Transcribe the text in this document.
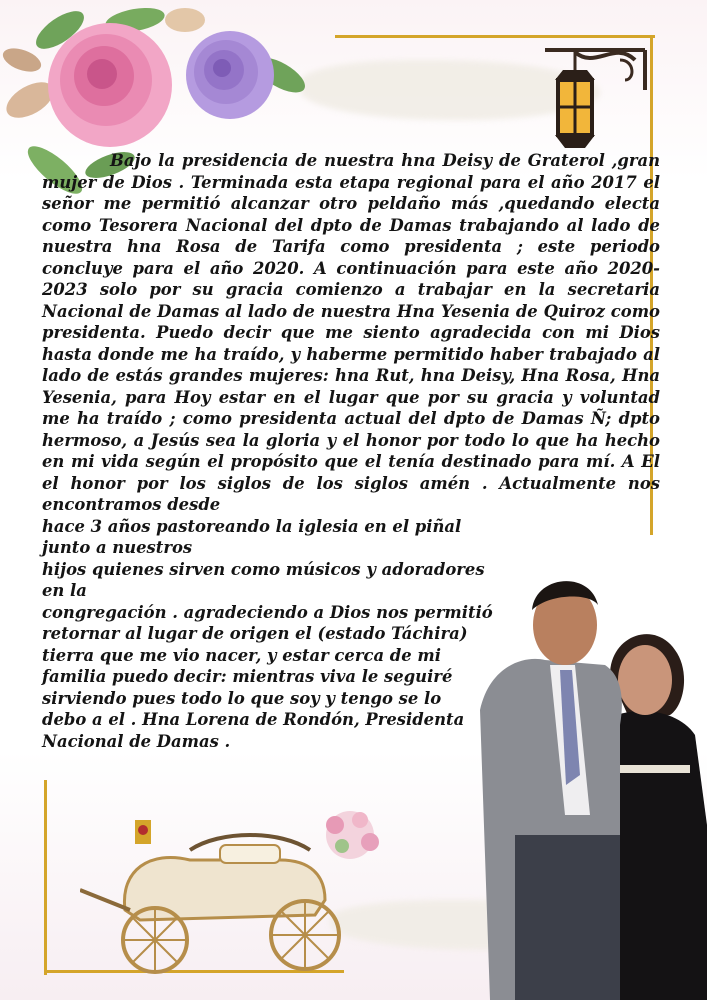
Bajo la presidencia de nuestra hna Deisy de Graterol ,gran mujer de Dios . Terminada esta etapa regional para el año 2017 el señor me permitió alcanzar otro peldaño más ,quedando electa como Tesorera Nacional del dpto de Damas trabajando al lado de nuestra hna Rosa de Tarifa como presidenta ; este periodo concluye para el año 2020. A continuación para este año 2020-2023 solo por su gracia comienzo a trabajar en la secretaria Nacional de Damas al lado de nuestra Hna Yesenia de Quiroz como presidenta. Puedo decir que me siento agradecida con mi Dios hasta donde me ha traído, y haberme permitido haber trabajado al lado de estás grandes mujeres: hna Rut, hna Deisy, Hna Rosa, Hna Yesenia, para Hoy estar en el lugar que por su gracia y voluntad me ha traído ; como presidenta actual del dpto de Damas Ñ; dpto hermoso, a Jesús sea la gloria y el honor por todo lo que ha hecho en mi vida según el propósito que el tenía destinado para mí. A El el honor por los siglos de los siglos amén . Actualmente nos encontramos desde

hace 3 años pastoreando la iglesia en el piñal junto a nuestros

hijos quienes sirven como músicos y adoradores en la

congregación . agradeciendo a Dios nos permitió

retornar al lugar de origen el (estado Táchira)

tierra que me vio nacer, y estar cerca de mi

familia puedo decir: mientras viva le seguiré

sirviendo pues todo lo que soy y tengo se lo

debo a el . Hna Lorena de Rondón, Presidenta

Nacional de Damas .
